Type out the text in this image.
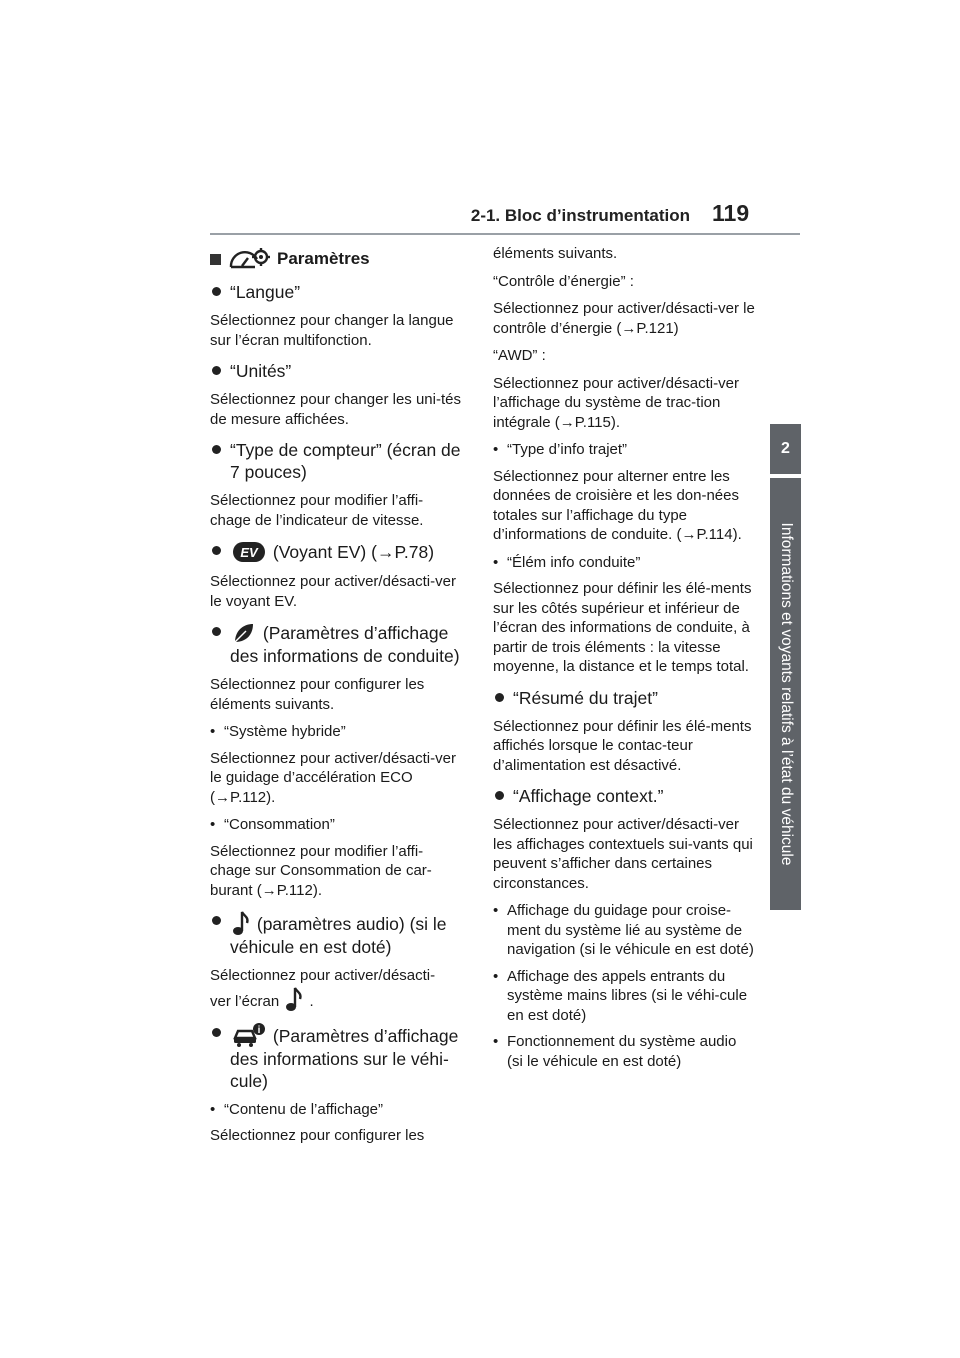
2-1. Bloc d’instrumentation 119
2
Informations et voyants relatifs à l’état du véhicule
Paramètres
“Langue”
Sélectionnez pour changer la langue sur l’écran multifonction.
“Unités”
Sélectionnez pour changer les uni-tés de mesure affichées.
“Type de compteur” (écran de 7 pouces)
Sélectionnez pour modifier l’affi-chage de l’indicateur de vitesse.
EV (Voyant EV) (→P.78)
Sélectionnez pour activer/désacti-ver le voyant EV.
(Paramètres d’affichage des informations de conduite)
Sélectionnez pour configurer les éléments suivants.
• “Système hybride”
Sélectionnez pour activer/désacti-ver le guidage d’accélération ECO (→P.112).
• “Consommation”
Sélectionnez pour modifier l’affi-chage sur Consommation de car-burant (→P.112).
(paramètres audio) (si le véhicule en est doté)
Sélectionnez pour activer/désacti-
ver l’écran .
i (Paramètres d’affichage des informations sur le véhi-cule)
• “Contenu de l’affichage”
Sélectionnez pour configurer les
éléments suivants.
“Contrôle d’énergie” :
Sélectionnez pour activer/désacti-ver le contrôle d’énergie (→P.121)
“AWD” :
Sélectionnez pour activer/désacti-ver l’affichage du système de trac-tion intégrale (→P.115).
• “Type d’info trajet”
Sélectionnez pour alterner entre les données de croisière et les don-nées totales sur l’affichage du type d’informations de conduite. (→P.114).
• “Élém info conduite”
Sélectionnez pour définir les élé-ments sur les côtés supérieur et inférieur de l’écran des informations de conduite, à partir de trois éléments : la vitesse moyenne, la distance et le temps total.
“Résumé du trajet”
Sélectionnez pour définir les élé-ments affichés lorsque le contac-teur d’alimentation est désactivé.
“Affichage context.”
Sélectionnez pour activer/désacti-ver les affichages contextuels sui-vants qui peuvent s’afficher dans certaines circonstances.
• Affichage du guidage pour croise-ment du système lié au système de navigation (si le véhicule en est doté)
• Affichage des appels entrants du système mains libres (si le véhi-cule en est doté)
• Fonctionnement du système audio (si le véhicule en est doté)
